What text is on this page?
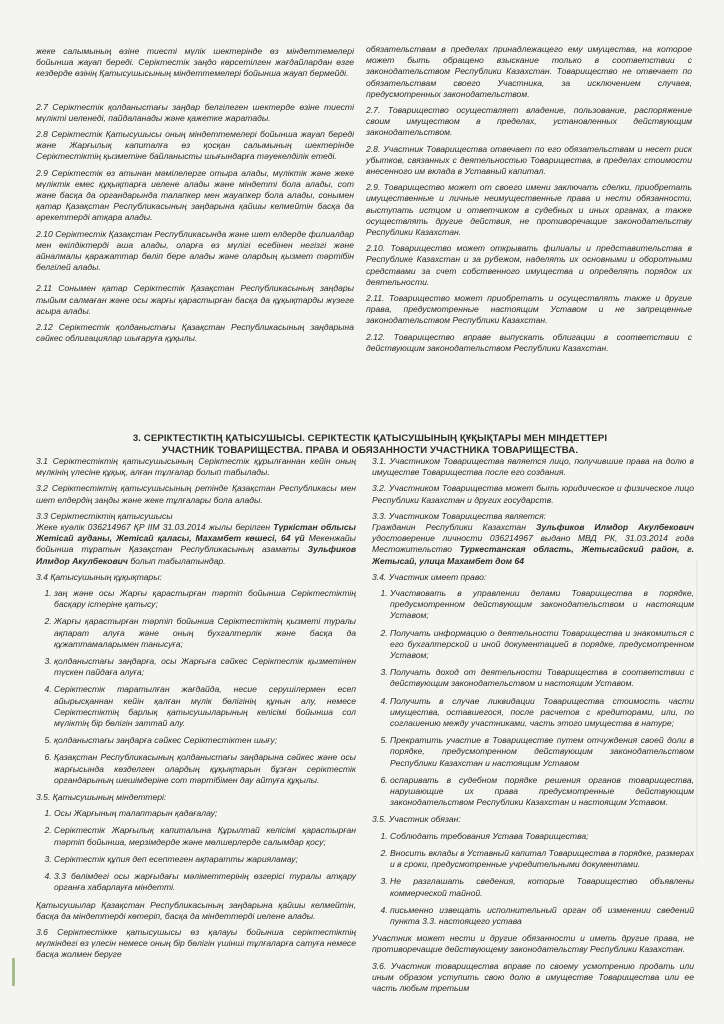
жеке салымының өзіне тиесті мүлік шектерінде өз міндеттемелері бойынша жауап береді. Серіктестік заңдо көрсетілген жағдайлардан өзге кездерде өзінің Қатысушысының міндеттемелері бойынша жауап бермейді.

2.7 Серіктестік қолданыстағы заңдар белгілеген шектерде өзіне тиесті мүлікті иеленеді, пайдаланады және қажетке жаратады.

2.8 Серіктестік Қатысушысы оның міндеттемелері бойынша жауап береді және Жарғылық капиталға өз қосқан салымының шектерінде Серіктестіктің қызметіне байланысты шығындарға тәуекелділік етеді.

2.9 Серіктестік өз атынан мәмілелерге отыра алады, мүліктік және жеке мүліктік емес құқықтарға иелене алады және міндетті бола алады, сот және басқа да органдарында талапкер мен жауапкер бола алады, сонымен қатар Қазақстан Республикасының заңдарына қайшы келмейтін басқа да әрекеттерді атқара алады.

2.10 Серіктестік Қазақстан Республикасында және шет елдерде филиалдар мен өкілдіктерді аша алады, оларға өз мүлігі есебінен негізгі және айналмалы қаражаттар бөліп бере алады және олардың қызмет тәртібін белгілей алады.

2.11 Сонымен қатар Серіктестік Қазақстан Республикасының заңдары тыйым салмаған және осы жарғы қарастырған басқа да құқықтарды жүзеге асыра алады.

2.12 Серіктестік қолданыстағы Қазақстан Республикасының заңдарына сәйкес облигациялар шығаруға құқылы.

обязательствам в пределах принадлежащего ему имущества, на которое может быть обращено взыскание только в соответствии с законодательством Республики Казахстан. Товарищество не отвечает по обязательствам своего Участника, за исключением случаев, предусмотренных законодательством.

2.7. Товарищество осуществляет владение, пользование, распоряжение своим имуществом в пределах, установленных действующим законодательством.

2.8. Участник Товарищества отвечает по его обязательствам и несет риск убытков, связанных с деятельностью Товарищества, в пределах стоимости внесенного им вклада в Уставный капитал.

2.9. Товарищество может от своего имени заключать сделки, приобретать имущественные и личные неимущественные права и нести обязанности, выступать истцом и ответчиком в судебных и иных органах, а также осуществлять другие действия, не противоречащие законодательству Республики Казахстан.

2.10. Товарищество может открывать филиалы и представительства в Республике Казахстан и за рубежом, наделять их основными и оборотными средствами за счет собственного имущества и определять порядок их деятельности.

2.11. Товарищество может приобретать и осуществлять также и другие права, предусмотренные настоящим Уставом и не запрещенные законодательством Республики Казахстан.

2.12. Товарищество вправе выпускать облигации в соответствии с действующим законодательством Республики Казахстан.

3. СЕРІКТЕСТІКТІҢ ҚАТЫСУШЫСЫ. СЕРІКТЕСТІК ҚАТЫСУШЫНЫҢ ҚҰҚЫҚТАРЫ МЕН МІНДЕТТЕРІ
УЧАСТНИК ТОВАРИЩЕСТВА. ПРАВА И ОБЯЗАННОСТИ УЧАСТНИКА ТОВАРИЩЕСТВА.

3.1 Серіктестіктің қатысушысының Серіктестік құрылғаннан кейін оның мүлкінің үлесіне құқық, алған тұлғалар болып табылады.

3.2 Серіктестіктің қатысушысының ретінде Қазақстан Республикасы мен шет елдердің заңды және жеке тұлғалары бола алады.

3.3 Серіктестіктің қатысушысы
Жеке куәлік 036214967 ҚР ІІМ 31.03.2014 жылы берілген Түркістан облысы Жетісай ауданы, Жетісай қаласы, Махамбет көшесі, 64 үй Мекенжайы бойынша тұратын Қазақстан Республикасының азаматы Зульфиков Илмдор Акулбекович болып табылатындар.

3.4 Қатысушының құқықтары:

1. заң және осы Жарғы қарастырған тәртіп бойынша Серіктестіктің басқару істеріне қатысу;
2. Жарғы қарастырған тәртіп бойынша Серіктестіктің қызметі туралы ақпарат алуға және оның бухгалтерлік және басқа да құжаттамаларымен танысуға;
3. қолданыстағы заңдарға, осы Жарғыға сәйкес Серіктестік қызметінен түскен пайдаға алуға;
4. Серіктестік таратылған жағдайда, несие серушілермен есеп айырысқаннан кейін қалған мүлік бөлігінің құнын алу, немесе Серіктестіктің барлық қатысушыларының келісімі бойынша сол мүліктің бір бөлігін заттай алу.
5. қолданыстағы заңдарға сәйкес Серіктестіктен шығу;
6. Қазақстан Республикасының қолданыстағы заңдарына сәйкес және осы жарғысында көзделген олардың құқықтарын бұзған серіктестік органдарының шешімдеріне сот тәртібімен дау айтуға құқылы.

3.5. Қатысушының міндеттері:

1. Осы Жарғының талаптарын қадағалау;
2. Серіктестік Жарғылық капиталына Құрылтай келісімі қарастырған тәртіп бойынша, мерзімдерде және мөлшерлерде салымдар қосу;
3. Серіктестік құпия деп есептеген ақпаратты жарияламау;
4. 3.3 бөлімдегі осы жарғыдағы мәліметтерінің өзгерісі туралы атқару органға хабарлауға міндетті.

Қатысушылар Қазақстан Республикасының заңдарына қайшы келмейтін, басқа да міндеттерді көтеріп, басқа да міндеттерді иелене алады.

3.6 Серіктестікке қатысушысы өз қалауы бойынша серіктестіктің мүлкіндегі өз үлесін немесе оның бір бөлігін үшінші тұлғаларға сатуға немесе басқа жолмен беруге

3.1. Участником Товарищества является лицо, получившие права на долю в имуществе Товарищества после его создания.

3.2. Участником Товарищества может быть юридическое и физическое лицо Республики Казахстан и других государств.

3.3. Участником Товарищества является:
Гражданин Республики Казахстан Зульфиков Илмдор Акулбекович удостоверение личности 036214967 выдано МВД РК, 31.03.2014 года Местожительство Туркестанская область, Жетысайский район, г. Жетысай, улица Махамбет дом 64

3.4. Участник имеет право:

1. Участвовать в управлении делами Товарищества в порядке, предусмотренном действующим законодательством и настоящим Уставом;
2. Получать информацию о деятельности Товарищества и знакомиться с его бухгалтерской и иной документацией в порядке, предусмотренном Уставом;
3. Получать доход от деятельности Товарищества в соответствии с действующим законодательством и настоящим Уставом.
4. Получить в случае ликвидации Товарищества стоимость части имущества, оставшегося, после расчетов с кредиторами, или, по соглашению между участниками, часть этого имущества в натуре;
5. Прекратить участие в Товариществе путем отчуждения своей доли в порядке, предусмотренном действующим законодательством Республики Казахстан и настоящим Уставом
6. оспаривать в судебном порядке решения органов товарищества, нарушающие их права предусмотренные действующим законодательством Республики Казахстан и настоящим Уставом.

3.5. Участник обязан:

1. Соблюдать требования Устава Товарищества;
2. Вносить вклады в Уставный капитал Товарищества в порядке, размерах и в сроки, предусмотренные учредительными документами.
3. Не разглашать сведения, которые Товарищество объявлены коммерческой тайной.
4. письменно извещать исполнительный орган об изменении сведений пункта 3.3. настоящего устава

Участник может нести и другие обязанности и иметь другие права, не противоречащие действующему законодательству Республики Казахстан.

3.6. Участник товарищества вправе по своему усмотрению продать или иным образом уступить свою долю в имуществе Товарищества или ее часть любым третьим
